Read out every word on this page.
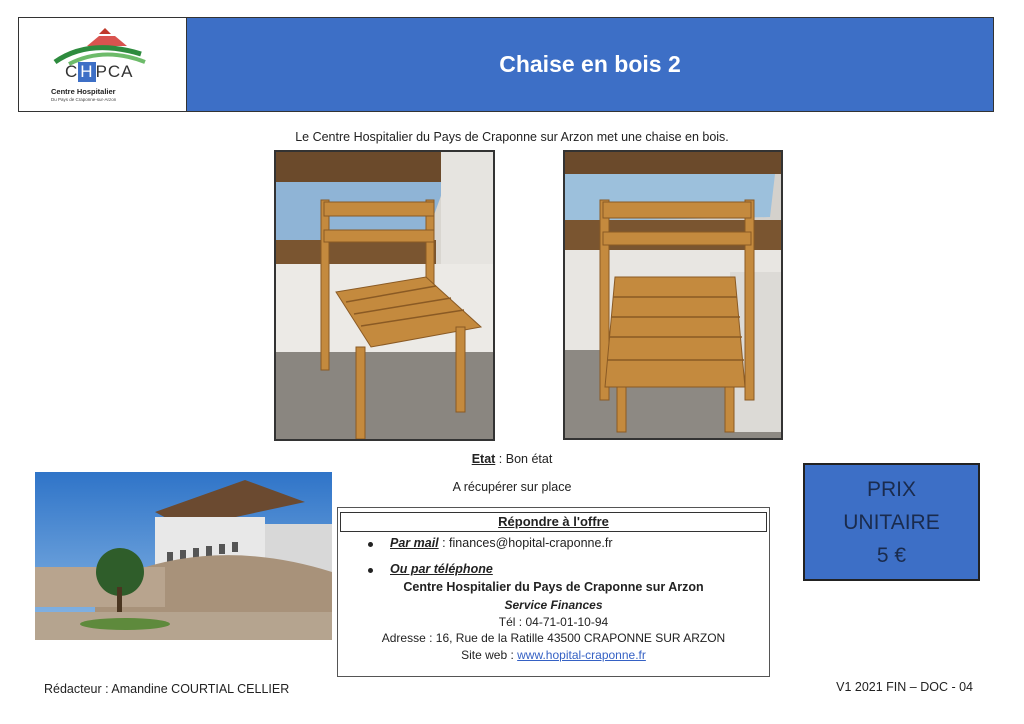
C H PCA
Centre Hospitalier
Du Pays de Craponne-sur-Arzon
Chaise en bois 2
Le Centre Hospitalier du Pays de Craponne sur Arzon met une chaise en bois.
Etat : Bon état
A récupérer sur place	PRIX
UNITAIRE
5 €
Répondre à l'offre
Par mail : finances@hopital-craponne.fr
Ou par téléphone
Centre Hospitalier du Pays de Craponne sur Arzon
Service Finances
Tél : 04-71-01-10-94
Adresse : 16, Rue de la Ratille 43500 CRAPONNE SUR ARZON
Site web : www.hopital-craponne.fr
Rédacteur : Amandine COURTIAL CELLIER	V1 2021 FIN – DOC - 04
